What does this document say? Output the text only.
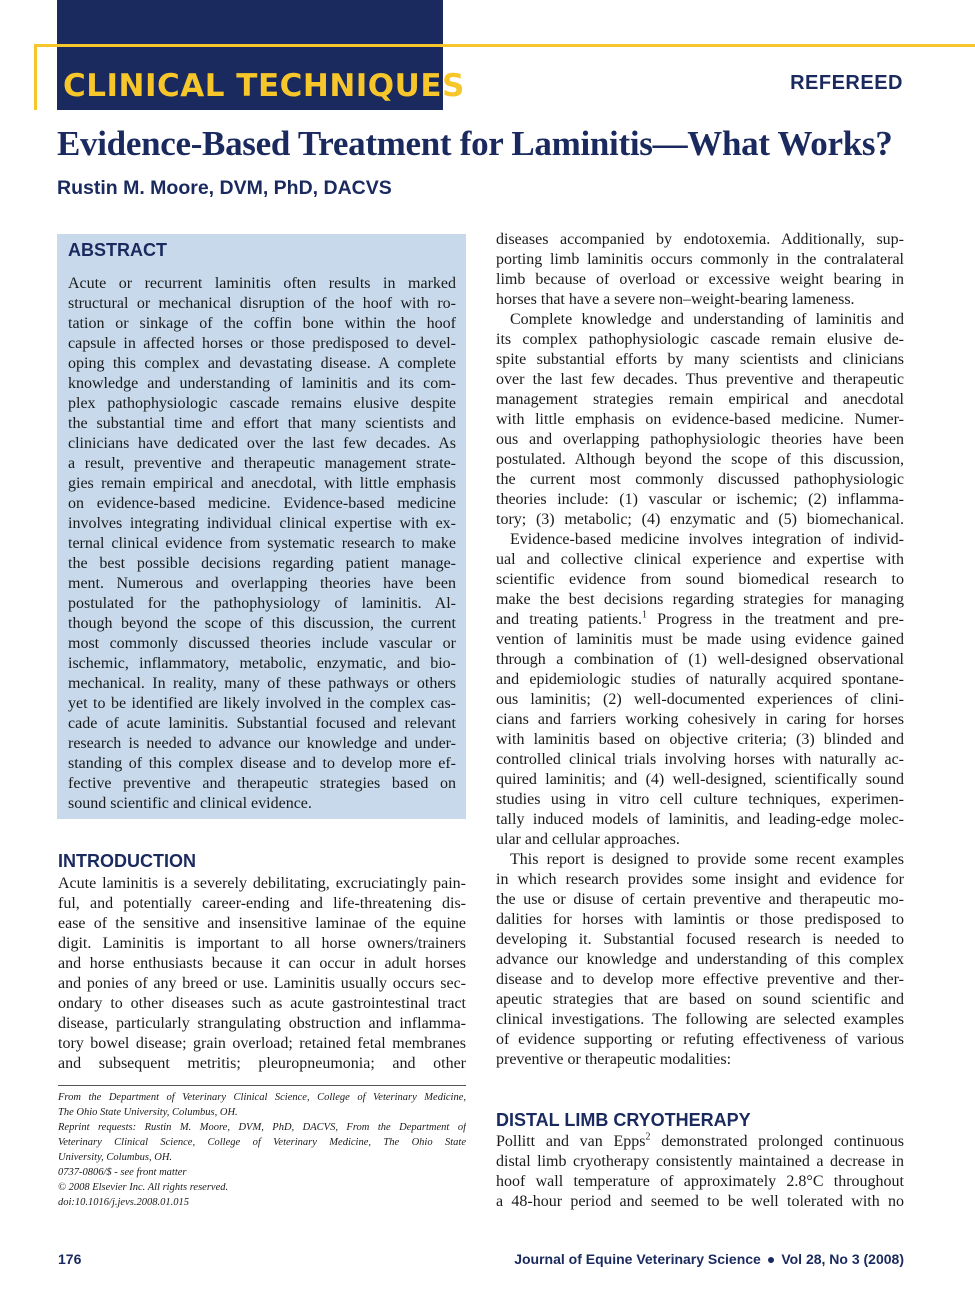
CLINICAL TECHNIQUES	REFEREED
Evidence-Based Treatment for Laminitis—What Works?
Rustin M. Moore, DVM, PhD, DACVS
ABSTRACT
Acute or recurrent laminitis often results in marked
structural or mechanical disruption of the hoof with ro-
tation or sinkage of the coffin bone within the hoof
capsule in affected horses or those predisposed to devel-
oping this complex and devastating disease. A complete
knowledge and understanding of laminitis and its com-
plex pathophysiologic cascade remains elusive despite
the substantial time and effort that many scientists and
clinicians have dedicated over the last few decades. As
a result, preventive and therapeutic management strate-
gies remain empirical and anecdotal, with little emphasis
on evidence-based medicine. Evidence-based medicine
involves integrating individual clinical expertise with ex-
ternal clinical evidence from systematic research to make
the best possible decisions regarding patient manage-
ment. Numerous and overlapping theories have been
postulated for the pathophysiology of laminitis. Al-
though beyond the scope of this discussion, the current
most commonly discussed theories include vascular or
ischemic, inflammatory, metabolic, enzymatic, and bio-
mechanical. In reality, many of these pathways or others
yet to be identified are likely involved in the complex cas-
cade of acute laminitis. Substantial focused and relevant
research is needed to advance our knowledge and under-
standing of this complex disease and to develop more ef-
fective preventive and therapeutic strategies based on
sound scientific and clinical evidence.
INTRODUCTION
Acute laminitis is a severely debilitating, excruciatingly pain-
ful, and potentially career-ending and life-threatening dis-
ease of the sensitive and insensitive laminae of the equine
digit. Laminitis is important to all horse owners/trainers
and horse enthusiasts because it can occur in adult horses
and ponies of any breed or use. Laminitis usually occurs sec-
ondary to other diseases such as acute gastrointestinal tract
disease, particularly strangulating obstruction and inflamma-
tory bowel disease; grain overload; retained fetal membranes
and subsequent metritis; pleuropneumonia; and other
From the Department of Veterinary Clinical Science, College of Veterinary Medicine,
The Ohio State University, Columbus, OH.
Reprint requests: Rustin M. Moore, DVM, PhD, DACVS, From the Department of
Veterinary Clinical Science, College of Veterinary Medicine, The Ohio State
University, Columbus, OH.
0737-0806/$ - see front matter
© 2008 Elsevier Inc. All rights reserved.
doi:10.1016/j.jevs.2008.01.015
diseases accompanied by endotoxemia. Additionally, sup-
porting limb laminitis occurs commonly in the contralateral
limb because of overload or excessive weight bearing in
horses that have a severe non–weight-bearing lameness.
Complete knowledge and understanding of laminitis and
its complex pathophysiologic cascade remain elusive de-
spite substantial efforts by many scientists and clinicians
over the last few decades. Thus preventive and therapeutic
management strategies remain empirical and anecdotal
with little emphasis on evidence-based medicine. Numer-
ous and overlapping pathophysiologic theories have been
postulated. Although beyond the scope of this discussion,
the current most commonly discussed pathophysiologic
theories include: (1) vascular or ischemic; (2) inflamma-
tory; (3) metabolic; (4) enzymatic and (5) biomechanical.
Evidence-based medicine involves integration of individ-
ual and collective clinical experience and expertise with
scientific evidence from sound biomedical research to
make the best decisions regarding strategies for managing
and treating patients.$^1$ Progress in the treatment and pre-
vention of laminitis must be made using evidence gained
through a combination of (1) well-designed observational
and epidemiologic studies of naturally acquired spontane-
ous laminitis; (2) well-documented experiences of clini-
cians and farriers working cohesively in caring for horses
with laminitis based on objective criteria; (3) blinded and
controlled clinical trials involving horses with naturally ac-
quired laminitis; and (4) well-designed, scientifically sound
studies using in vitro cell culture techniques, experimen-
tally induced models of laminitis, and leading-edge molec-
ular and cellular approaches.
This report is designed to provide some recent examples
in which research provides some insight and evidence for
the use or disuse of certain preventive and therapeutic mo-
dalities for horses with lamintis or those predisposed to
developing it. Substantial focused research is needed to
advance our knowledge and understanding of this complex
disease and to develop more effective preventive and ther-
apeutic strategies that are based on sound scientific and
clinical investigations. The following are selected examples
of evidence supporting or refuting effectiveness of various
preventive or therapeutic modalities:
DISTAL LIMB CRYOTHERAPY
Pollitt and van Epps$^2$ demonstrated prolonged continuous
distal limb cryotherapy consistently maintained a decrease in
hoof wall temperature of approximately 2.8°C throughout
a 48-hour period and seemed to be well tolerated with no
176	Journal of Equine Veterinary Science ● Vol 28, No 3 (2008)
